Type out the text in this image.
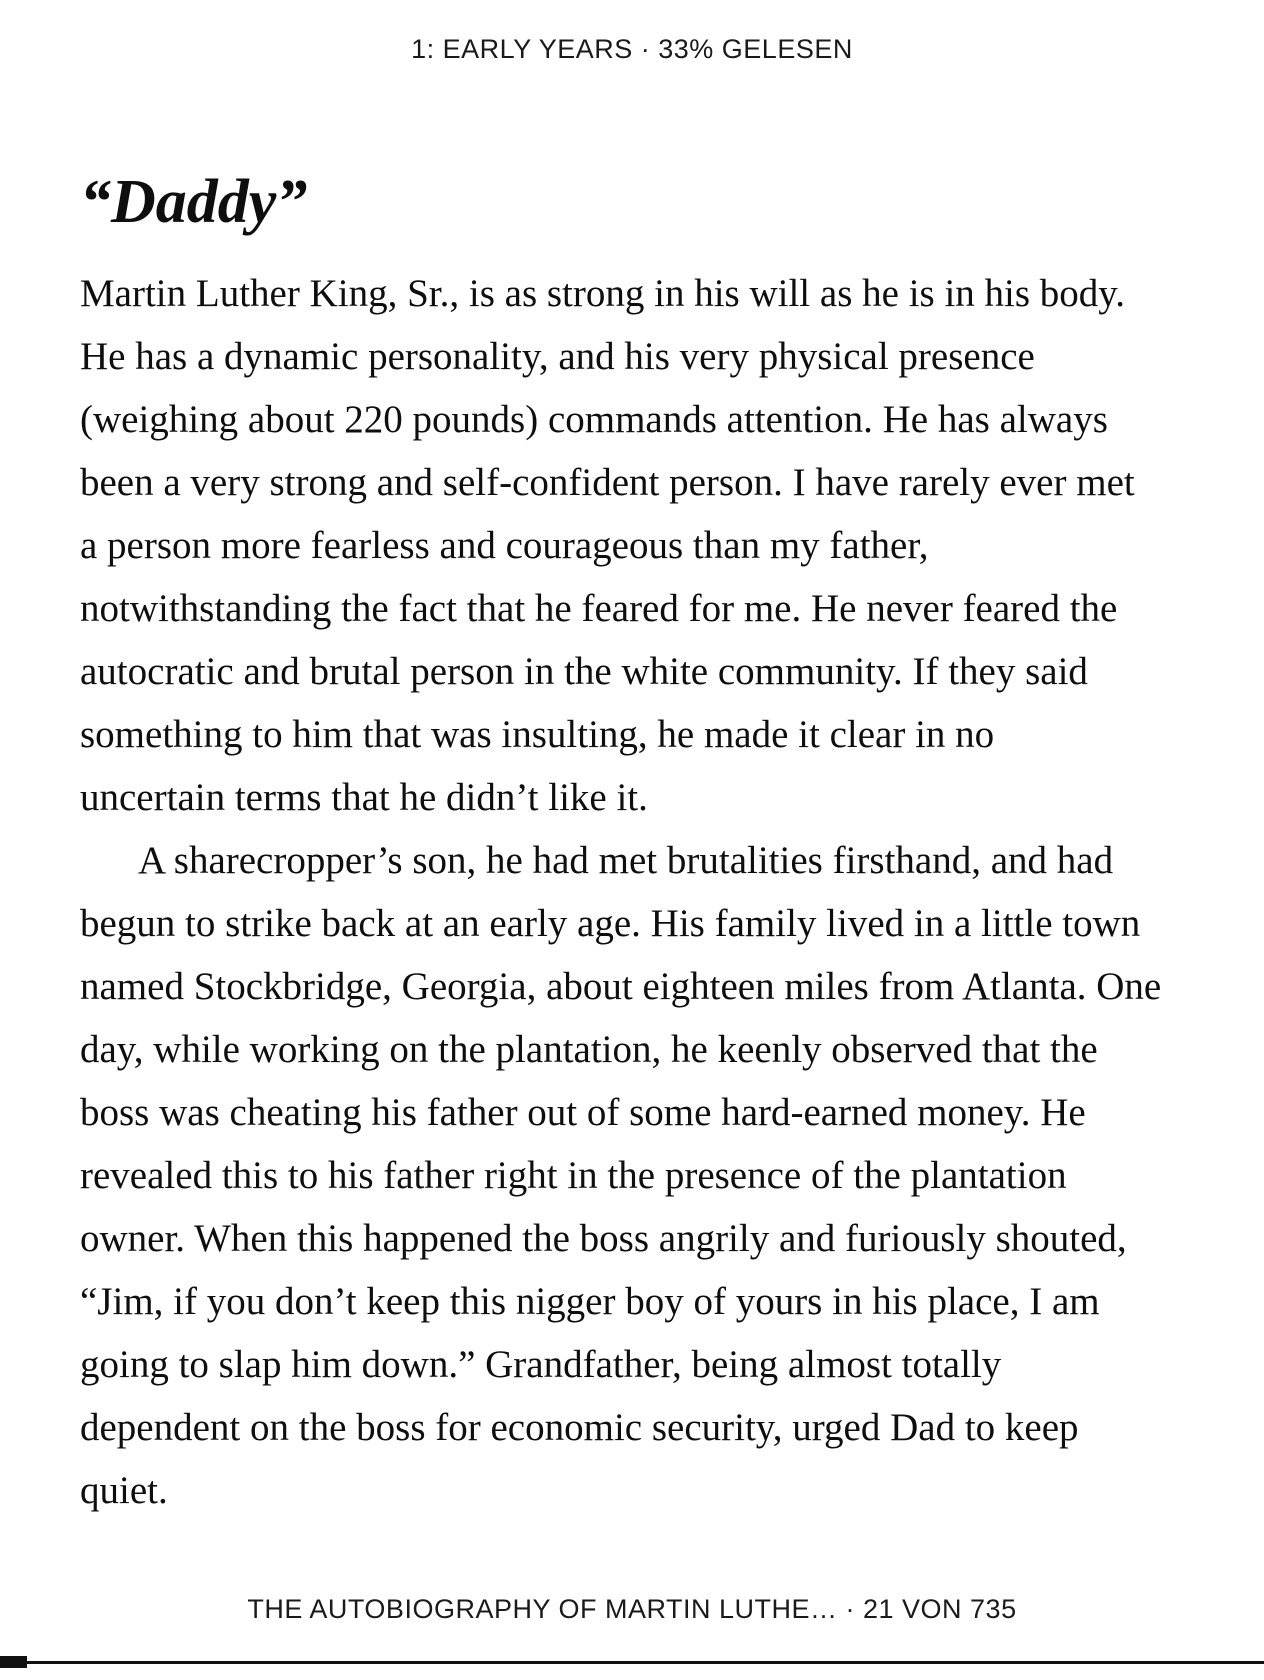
1: EARLY YEARS · 33% GELESEN
“Daddy”
Martin Luther King, Sr., is as strong in his will as he is in his body.
He has a dynamic personality, and his very physical presence
(weighing about 220 pounds) commands attention. He has always
been a very strong and self-confident person. I have rarely ever met
a person more fearless and courageous than my father,
notwithstanding the fact that he feared for me. He never feared the
autocratic and brutal person in the white community. If they said
something to him that was insulting, he made it clear in no
uncertain terms that he didn’t like it.
A sharecropper’s son, he had met brutalities firsthand, and had
begun to strike back at an early age. His family lived in a little town
named Stockbridge, Georgia, about eighteen miles from Atlanta. One
day, while working on the plantation, he keenly observed that the
boss was cheating his father out of some hard-earned money. He
revealed this to his father right in the presence of the plantation
owner. When this happened the boss angrily and furiously shouted,
“Jim, if you don’t keep this nigger boy of yours in his place, I am
going to slap him down.” Grandfather, being almost totally
dependent on the boss for economic security, urged Dad to keep
quiet.
THE AUTOBIOGRAPHY OF MARTIN LUTHE… · 21 VON 735
